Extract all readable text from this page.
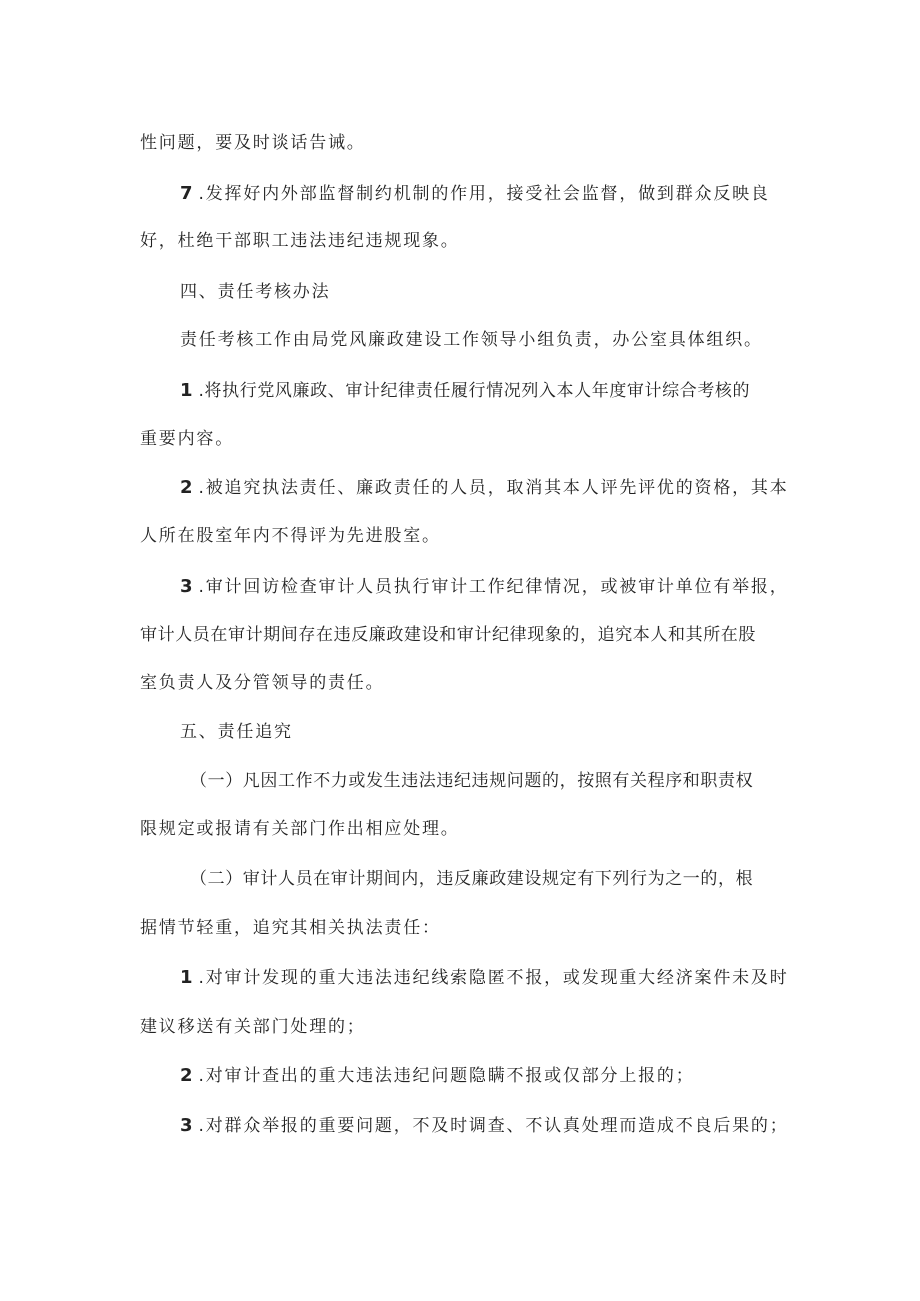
性问题，要及时谈话告诫。
7 .发挥好内外部监督制约机制的作用，接受社会监督，做到群众反映良
好，杜绝干部职工违法违纪违规现象。
四、责任考核办法
责任考核工作由局党风廉政建设工作领导小组负责，办公室具体组织。
1 .将执行党风廉政、审计纪律责任履行情况列入本人年度审计综合考核的
重要内容。
2 .被追究执法责任、廉政责任的人员，取消其本人评先评优的资格，其本
人所在股室年内不得评为先进股室。
3 .审计回访检查审计人员执行审计工作纪律情况，或被审计单位有举报，
审计人员在审计期间存在违反廉政建设和审计纪律现象的，追究本人和其所在股
室负责人及分管领导的责任。
五、责任追究
（一）凡因工作不力或发生违法违纪违规问题的，按照有关程序和职责权
限规定或报请有关部门作出相应处理。
（二）审计人员在审计期间内，违反廉政建设规定有下列行为之一的，根
据情节轻重，追究其相关执法责任：
1 .对审计发现的重大违法违纪线索隐匿不报，或发现重大经济案件未及时
建议移送有关部门处理的；
2 .对审计查出的重大违法违纪问题隐瞒不报或仅部分上报的；
3 .对群众举报的重要问题，不及时调查、不认真处理而造成不良后果的；
